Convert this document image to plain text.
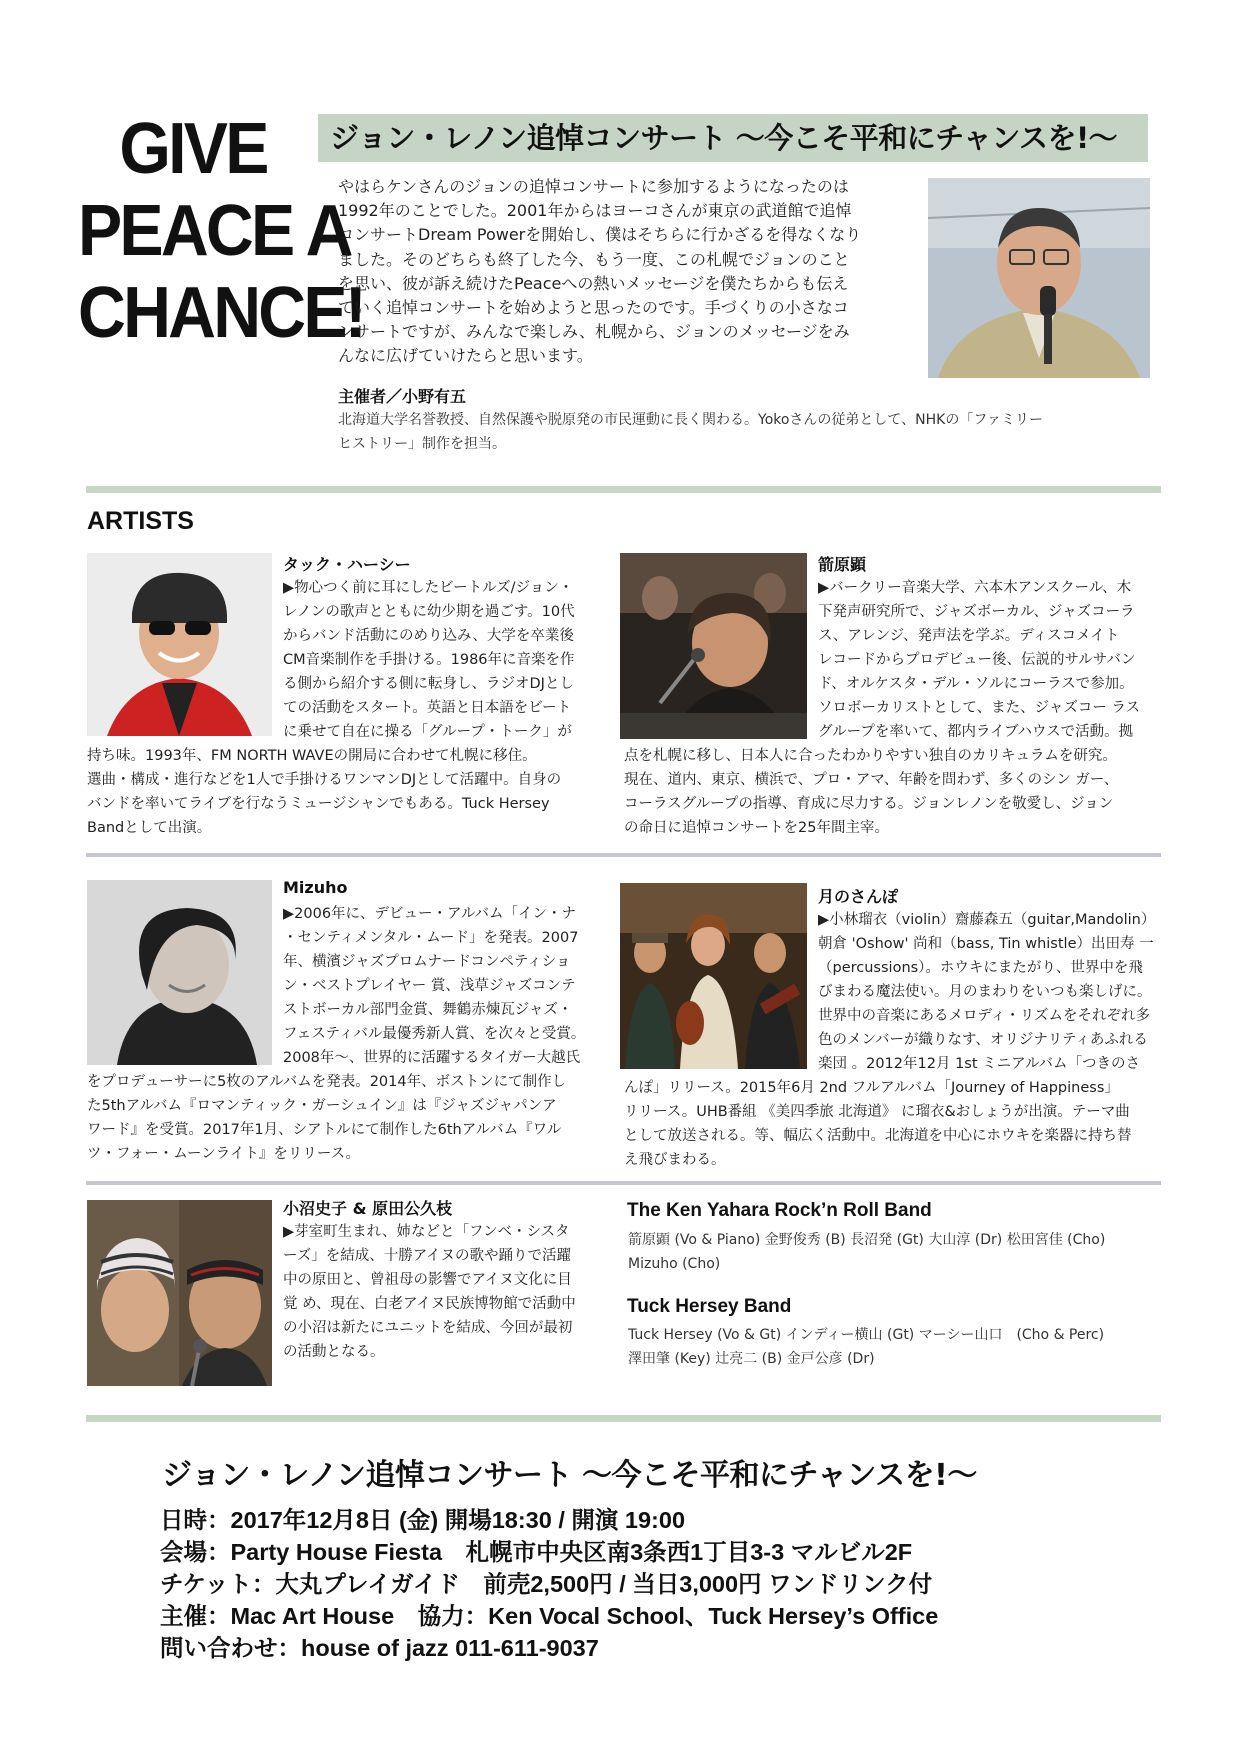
GIVE
PEACE A
CHANCE!
ジョン・レノン追悼コンサート 〜今こそ平和にチャンスを!〜

やはらケンさんのジョンの追悼コンサートに参加するようになったのは

1992年のことでした。2001年からはヨーコさんが東京の武道館で追悼

コンサートDream Powerを開始し、僕はそちらに行かざるを得なくなり

ました。そのどちらも終了した今、もう一度、この札幌でジョンのこと

を思い、彼が訴え続けたPeaceへの熱いメッセージを僕たちからも伝え

ていく追悼コンサートを始めようと思ったのです。手づくりの小さなコ

ンサートですが、みんなで楽しみ、札幌から、ジョンのメッセージをみ

んなに広げていけたらと思います。

主催者／小野有五

北海道大学名誉教授、自然保護や脱原発の市民運動に長く関わる。Yokoさんの従弟として、NHKの「ファミリー

ヒストリー」制作を担当。

ARTISTS
タック・ハーシー

▶物心つく前に耳にしたビートルズ/ジョン・

レノンの歌声とともに幼少期を過ごす。10代

からバンド活動にのめり込み、大学を卒業後

CM音楽制作を手掛ける。1986年に音楽を作

る側から紹介する側に転身し、ラジオDJとし

ての活動をスタート。英語と日本語をビート

に乗せて自在に操る「グループ・トーク」が

持ち味。1993年、FM NORTH WAVEの開局に合わせて札幌に移住。

選曲・構成・進行などを1人で手掛けるワンマンDJとして活躍中。自身の

バンドを率いてライブを行なうミュージシャンでもある。Tuck Hersey

Bandとして出演。

箭原顕

▶バークリー音楽大学、六本木アンスクール、木

下発声研究所で、ジャズボーカル、ジャズコーラ

ス、アレンジ、発声法を学ぶ。ディスコメイト

レコードからプロデビュー後、伝説的サルサバン

ド、オルケスタ・デル・ソルにコーラスで参加。

ソロボーカリストとして、また、ジャズコー ラス

グループを率いて、都内ライブハウスで活動。拠

点を札幌に移し、日本人に合ったわかりやすい独自のカリキュラムを研究。

現在、道内、東京、横浜で、プロ・アマ、年齢を問わず、多くのシン ガー、

コーラスグループの指導、育成に尽力する。ジョンレノンを敬愛し、ジョン

の命日に追悼コンサートを25年間主宰。

Mizuho

▶2006年に、デビュー・アルバム「イン・ナ

・センティメンタル・ムード」を発表。2007

年、横濱ジャズプロムナードコンペティショ

ン・ベストプレイヤー 賞、浅草ジャズコンテ

ストボーカル部門金賞、舞鶴赤煉瓦ジャズ・

フェスティバル最優秀新人賞、を次々と受賞。

2008年〜、世界的に活躍するタイガー大越氏

をプロデューサーに5枚のアルバムを発表。2014年、ボストンにて制作し

た5thアルバム『ロマンティック・ガーシュイン』は『ジャズジャパンア

ワード』を受賞。2017年1月、シアトルにて制作した6thアルバム『ワル

ツ・フォー・ムーンライト』をリリース。

月のさんぽ

▶小林瑠衣（violin）齋藤森五（guitar,Mandolin）

朝倉 'Oshow' 尚和（bass, Tin whistle）出田寿 一

（percussions）。ホウキにまたがり、世界中を飛

びまわる魔法使い。月のまわりをいつも楽しげに。

世界中の音楽にあるメロディ・リズムをそれぞれ多

色のメンバーが織りなす、オリジナリティあふれる

楽団 。2012年12月 1st ミニアルバム「つきのさ

んぽ」リリース。2015年6月 2nd フルアルバム「Journey of Happiness」

リリース。UHB番組 《美四季旅 北海道》 に瑠衣&おしょうが出演。テーマ曲

として放送される。等、幅広く活動中。北海道を中心にホウキを楽器に持ち替

え飛びまわる。

小沼史子 & 原田公久枝

▶芽室町生まれ、姉などと「フンベ・シスタ

ーズ」を結成、十勝アイヌの歌や踊りで活躍

中の原田と、曾祖母の影響でアイヌ文化に目

覚 め、現在、白老アイヌ民族博物館で活動中

の小沼は新たにユニットを結成、今回が最初

の活動となる。

The Ken Yahara Rock’n Roll Band

箭原顕 (Vo & Piano) 金野俊秀 (B) 長沼発 (Gt) 大山淳 (Dr) 松田宮佳 (Cho)

Mizuho (Cho)

Tuck Hersey Band

Tuck Hersey (Vo & Gt) インディー横山 (Gt) マーシー山口　(Cho & Perc)

澤田肇 (Key) 辻亮二 (B) 金戸公彦 (Dr)

ジョン・レノン追悼コンサート 〜今こそ平和にチャンスを!〜

日時：2017年12月8日 (金) 開場18:30 / 開演 19:00

会場：Party House Fiesta　札幌市中央区南3条西1丁目3-3 マルビル2F

チケット：大丸プレイガイド　前売2,500円 / 当日3,000円 ワンドリンク付

主催：Mac Art House　協力：Ken Vocal School、Tuck Hersey’s Office

問い合わせ：house of jazz 011-611-9037
